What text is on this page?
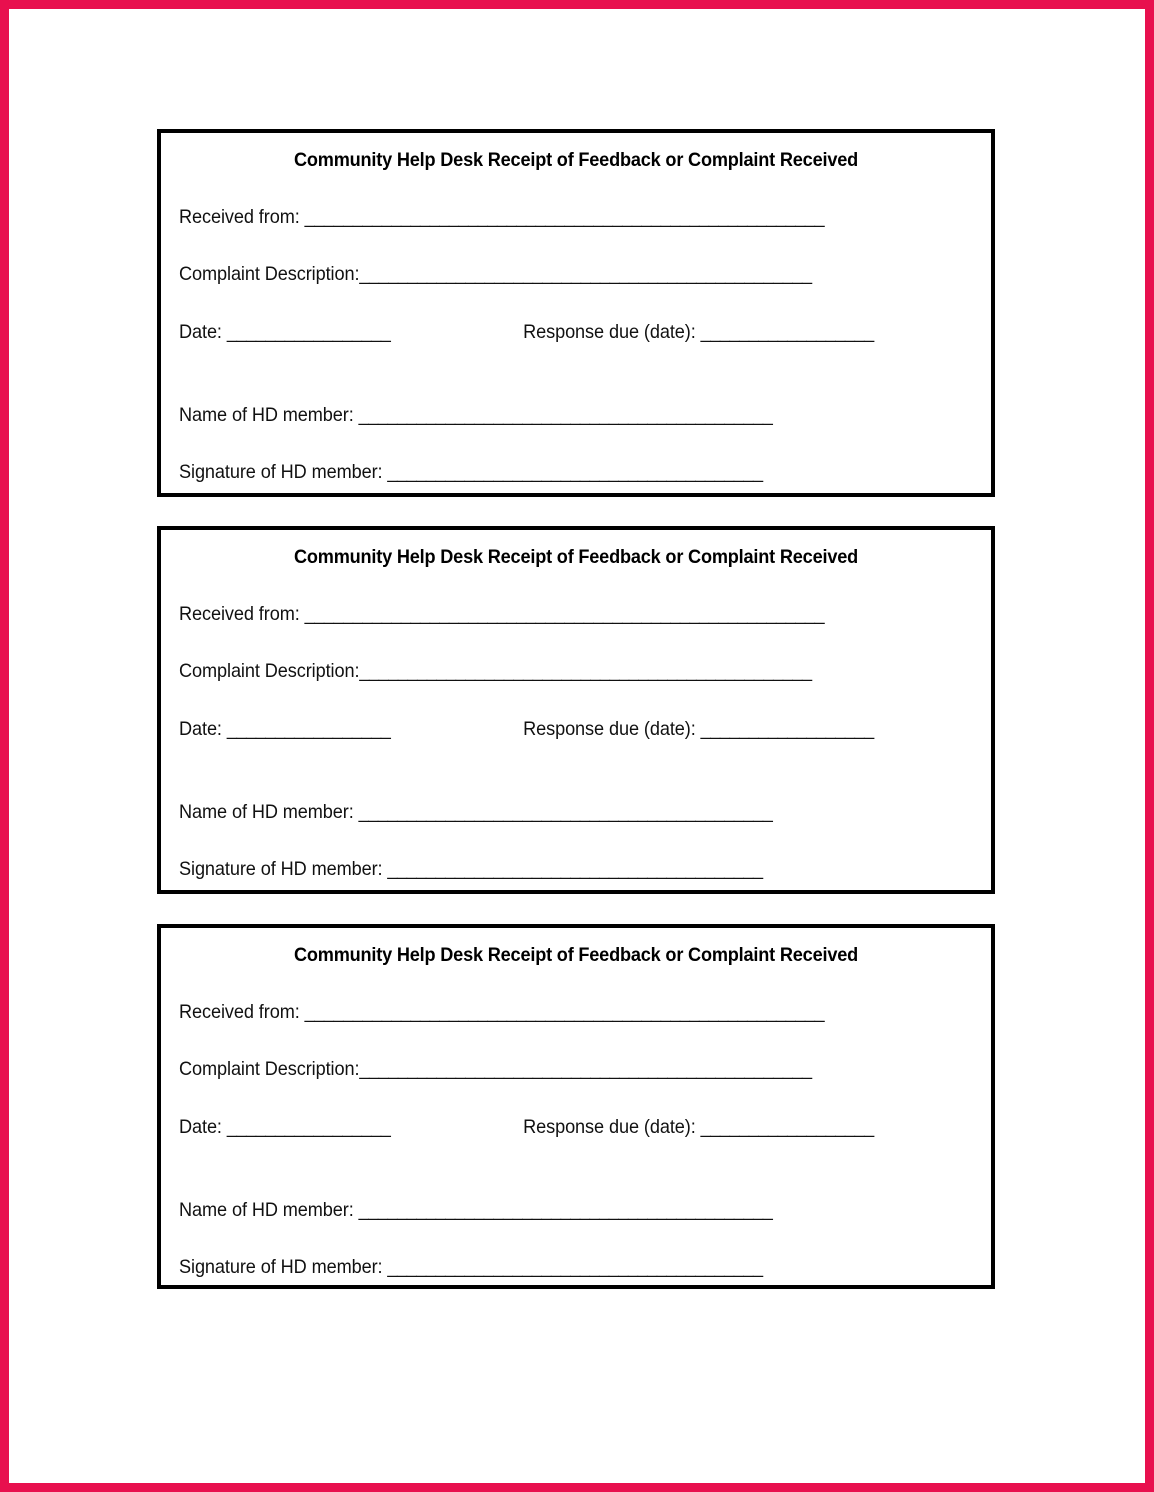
Community Help Desk Receipt of Feedback or Complaint Received
Received from: ______________________________________________________
Complaint Description:_______________________________________________
Date: _________________	Response due (date): __________________
Name of HD member: ___________________________________________
Signature of HD member: _______________________________________
Community Help Desk Receipt of Feedback or Complaint Received
Received from: ______________________________________________________
Complaint Description:_______________________________________________
Date: _________________	Response due (date): __________________
Name of HD member: ___________________________________________
Signature of HD member: _______________________________________
Community Help Desk Receipt of Feedback or Complaint Received
Received from: ______________________________________________________
Complaint Description:_______________________________________________
Date: _________________	Response due (date): __________________
Name of HD member: ___________________________________________
Signature of HD member: _______________________________________
